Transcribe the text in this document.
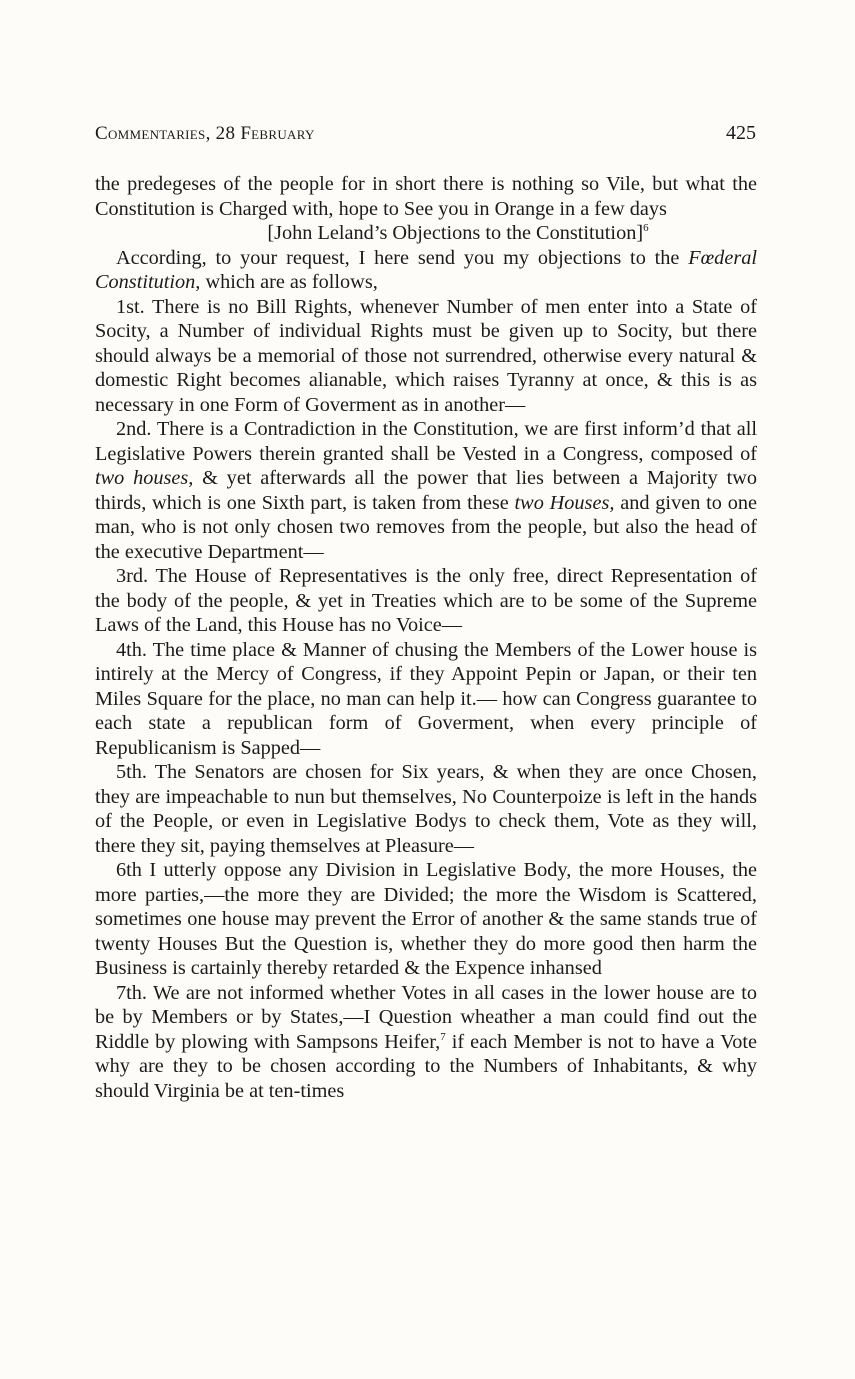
Commentaries, 28 February	425

the predegeses of the people for in short there is nothing so Vile, but what the Constitution is Charged with, hope to See you in Orange in a few days

[John Leland’s Objections to the Constitution]$^6$

According, to your request, I here send you my objections to the Fœderal Constitution, which are as follows,

1st. There is no Bill Rights, whenever Number of men enter into a State of Socity, a Number of individual Rights must be given up to Socity, but there should always be a memorial of those not surrendred, otherwise every natural & domestic Right becomes alianable, which raises Tyranny at once, & this is as necessary in one Form of Goverment as in another—

2nd. There is a Contradiction in the Constitution, we are first inform’d that all Legislative Powers therein granted shall be Vested in a Congress, composed of two houses, & yet afterwards all the power that lies between a Majority two thirds, which is one Sixth part, is taken from these two Houses, and given to one man, who is not only chosen two removes from the people, but also the head of the executive Department—

3rd. The House of Representatives is the only free, direct Representation of the body of the people, & yet in Treaties which are to be some of the Supreme Laws of the Land, this House has no Voice—

4th. The time place & Manner of chusing the Members of the Lower house is intirely at the Mercy of Congress, if they Appoint Pepin or Japan, or their ten Miles Square for the place, no man can help it.— how can Congress guarantee to each state a republican form of Goverment, when every principle of Republicanism is Sapped—

5th. The Senators are chosen for Six years, & when they are once Chosen, they are impeachable to nun but themselves, No Counterpoize is left in the hands of the People, or even in Legislative Bodys to check them, Vote as they will, there they sit, paying themselves at Pleasure—

6th I utterly oppose any Division in Legislative Body, the more Houses, the more parties,—the more they are Divided; the more the Wisdom is Scattered, sometimes one house may prevent the Error of another & the same stands true of twenty Houses But the Question is, whether they do more good then harm the Business is cartainly thereby retarded & the Expence inhansed

7th. We are not informed whether Votes in all cases in the lower house are to be by Members or by States,—I Question wheather a man could find out the Riddle by plowing with Sampsons Heifer,$^7$ if each Member is not to have a Vote why are they to be chosen according to the Numbers of Inhabitants, & why should Virginia be at ten-times
